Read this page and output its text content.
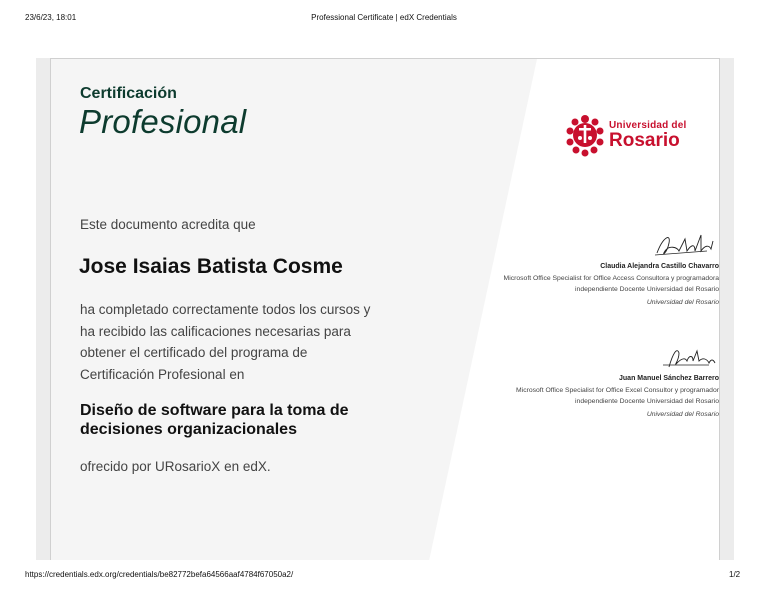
23/6/23, 18:01	Professional Certificate | edX Credentials
Certificación
Profesional
Este documento acredita que
Jose Isaias Batista Cosme
ha completado correctamente todos los cursos y
ha recibido las calificaciones necesarias para
obtener el certificado del programa de
Certificación Profesional en
Diseño de software para la toma de
decisiones organizacionales
ofrecido por URosarioX en edX.
Universidad del
Rosario
Claudia Alejandra Castillo Chavarro
Microsoft Office Specialist for Office Access Consultora y programadora independiente Docente Universidad del Rosario
Universidad del Rosario
Juan Manuel Sánchez Barrero
Microsoft Office Specialist for Office Excel Consultor y programador independiente Docente Universidad del Rosario
Universidad del Rosario
https://credentials.edx.org/credentials/be82772befa64566aaf4784f67050a2/	1/2
